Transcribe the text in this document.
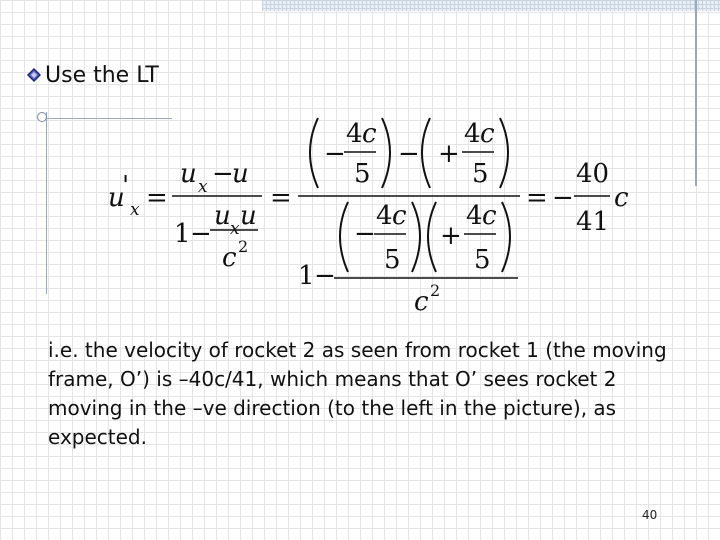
Use the LT
u
'
x =
u x −
u
1 −
u x u
c 2
=
−
4 c
5
− +
4 c
5
1 −
−
4 c
5
+
4 c
5
c 2
= −
40
41
c

i.e. the velocity of rocket 2 as seen from rocket 1 (the moving frame, O’) is –40c/41, which means that O’ sees rocket 2 moving in the –ve direction (to the left in the picture), as expected.

40
